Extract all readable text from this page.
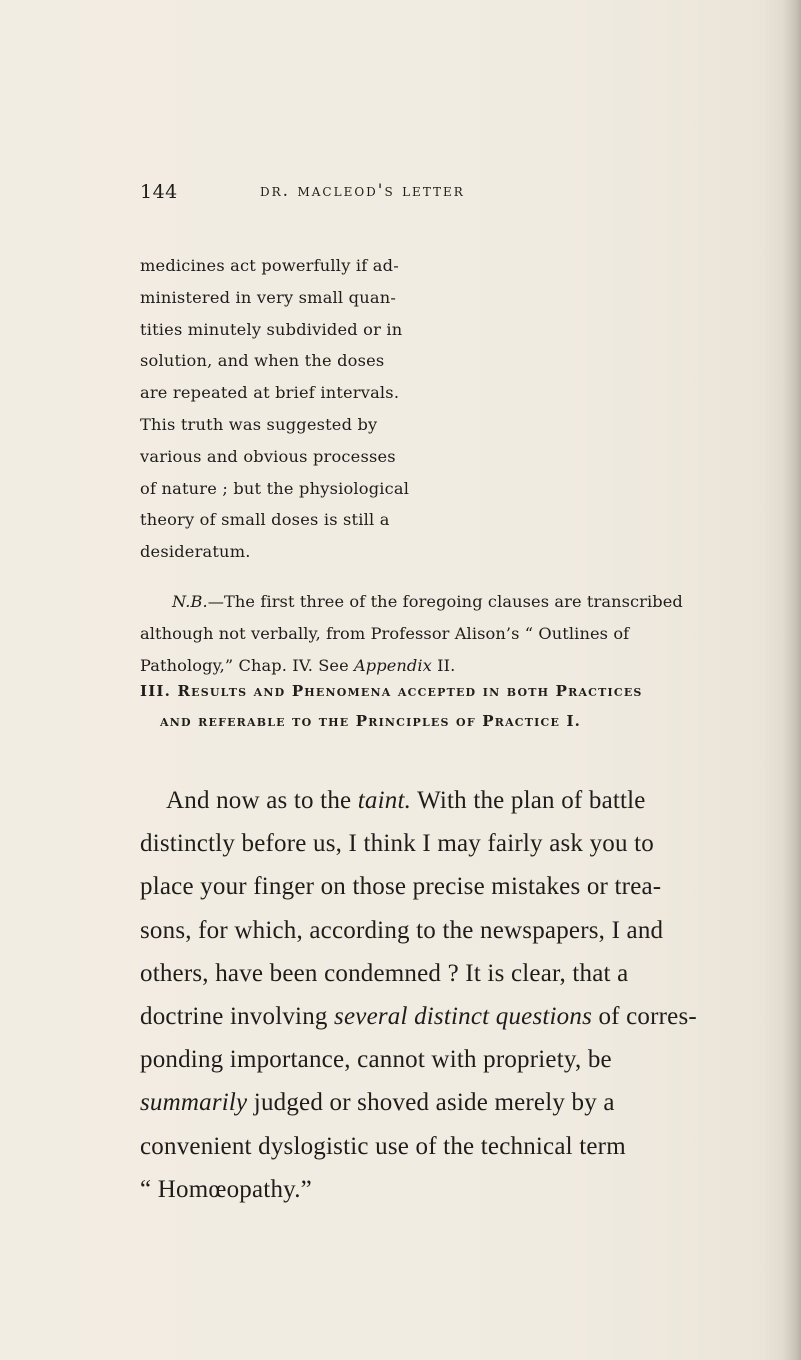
144	dr. macleod's letter
medicines act powerfully if ad-
ministered in very small quan-
tities minutely subdivided or in
solution, and when the doses
are repeated at brief intervals.
This truth was suggested by
various and obvious processes
of nature ; but the physiological
theory of small doses is still a
desideratum.
N.B.—The first three of the foregoing clauses are transcribed
although not verbally, from Professor Alison’s “ Outlines of
Pathology,” Chap. IV. See Appendix II.
III. Results and Phenomena accepted in both Practices
and referable to the Principles of Practice I.
And now as to the taint. With the plan of battle
distinctly before us, I think I may fairly ask you to
place your finger on those precise mistakes or trea-
sons, for which, according to the newspapers, I and
others, have been condemned ? It is clear, that a
doctrine involving several distinct questions of corres-
ponding importance, cannot with propriety, be
summarily judged or shoved aside merely by a
convenient dyslogistic use of the technical term
“ Homœopathy.”
